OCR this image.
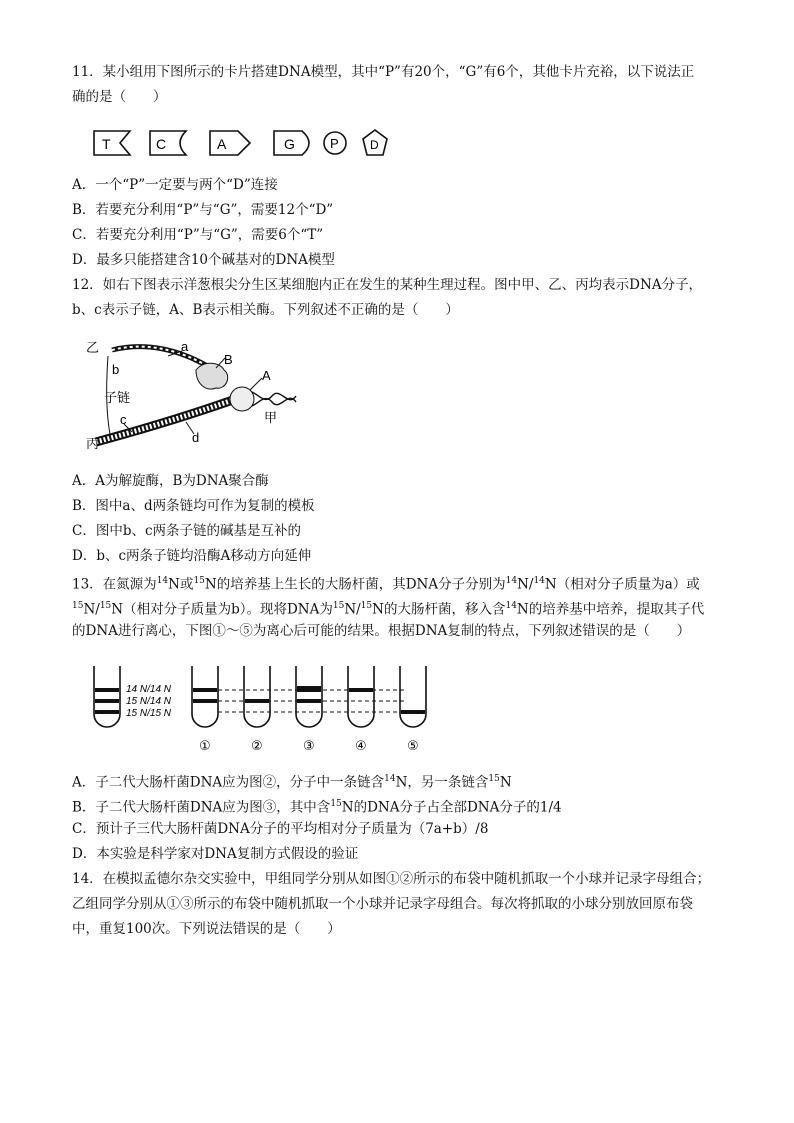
11．某小组用下图所示的卡片搭建DNA模型，其中“P”有20个，“G”有6个，其他卡片充裕，以下说法正
确的是（　　）
T	C	A	G	P	D
A．一个“P”一定要与两个“D”连接
B．若要充分利用“P”与“G”，需要12个“D”
C．若要充分利用“P”与“G”，需要6个“T”
D．最多只能搭建含10个碱基对的DNA模型
12．如右下图表示洋葱根尖分生区某细胞内正在发生的某种生理过程。图中甲、乙、丙均表示DNA分子，
b、c表示子链，A、B表示相关酶。下列叙述不正确的是（　　）
乙	a
B
b
子链
A
甲
c
丙	d
A．A为解旋酶，B为DNA聚合酶
B．图中a、d两条链均可作为复制的模板
C．图中b、c两条子链的碱基是互补的
D．b、c两条子链均沿酶A移动方向延伸
13．在氮源为$^{14}$N或$^{15}$N的培养基上生长的大肠杆菌，其DNA分子分别为$^{14}$N/$^{14}$N（相对分子质量为a）或
$^{15}$N/$^{15}$N（相对分子质量为b）。现将DNA为$^{15}$N/$^{15}$N的大肠杆菌，移入含$^{14}$N的培养基中培养，提取其子代
的DNA进行离心，下图①～⑤为离心后可能的结果。根据DNA复制的特点，下列叙述错误的是（　　）
14 N/14 N
15 N/14 N
15 N/15 N
①	②	③	④	⑤
A．子二代大肠杆菌DNA应为图②，分子中一条链含$^{14}$N，另一条链含$^{15}$N
B．子二代大肠杆菌DNA应为图③，其中含$^{15}$N的DNA分子占全部DNA分子的1/4
C．预计子三代大肠杆菌DNA分子的平均相对分子质量为（7a+b）/8
D．本实验是科学家对DNA复制方式假设的验证
14．在模拟孟德尔杂交实验中，甲组同学分别从如图①②所示的布袋中随机抓取一个小球并记录字母组合；
乙组同学分别从①③所示的布袋中随机抓取一个小球并记录字母组合。每次将抓取的小球分别放回原布袋
中，重复100次。下列说法错误的是（　　）
